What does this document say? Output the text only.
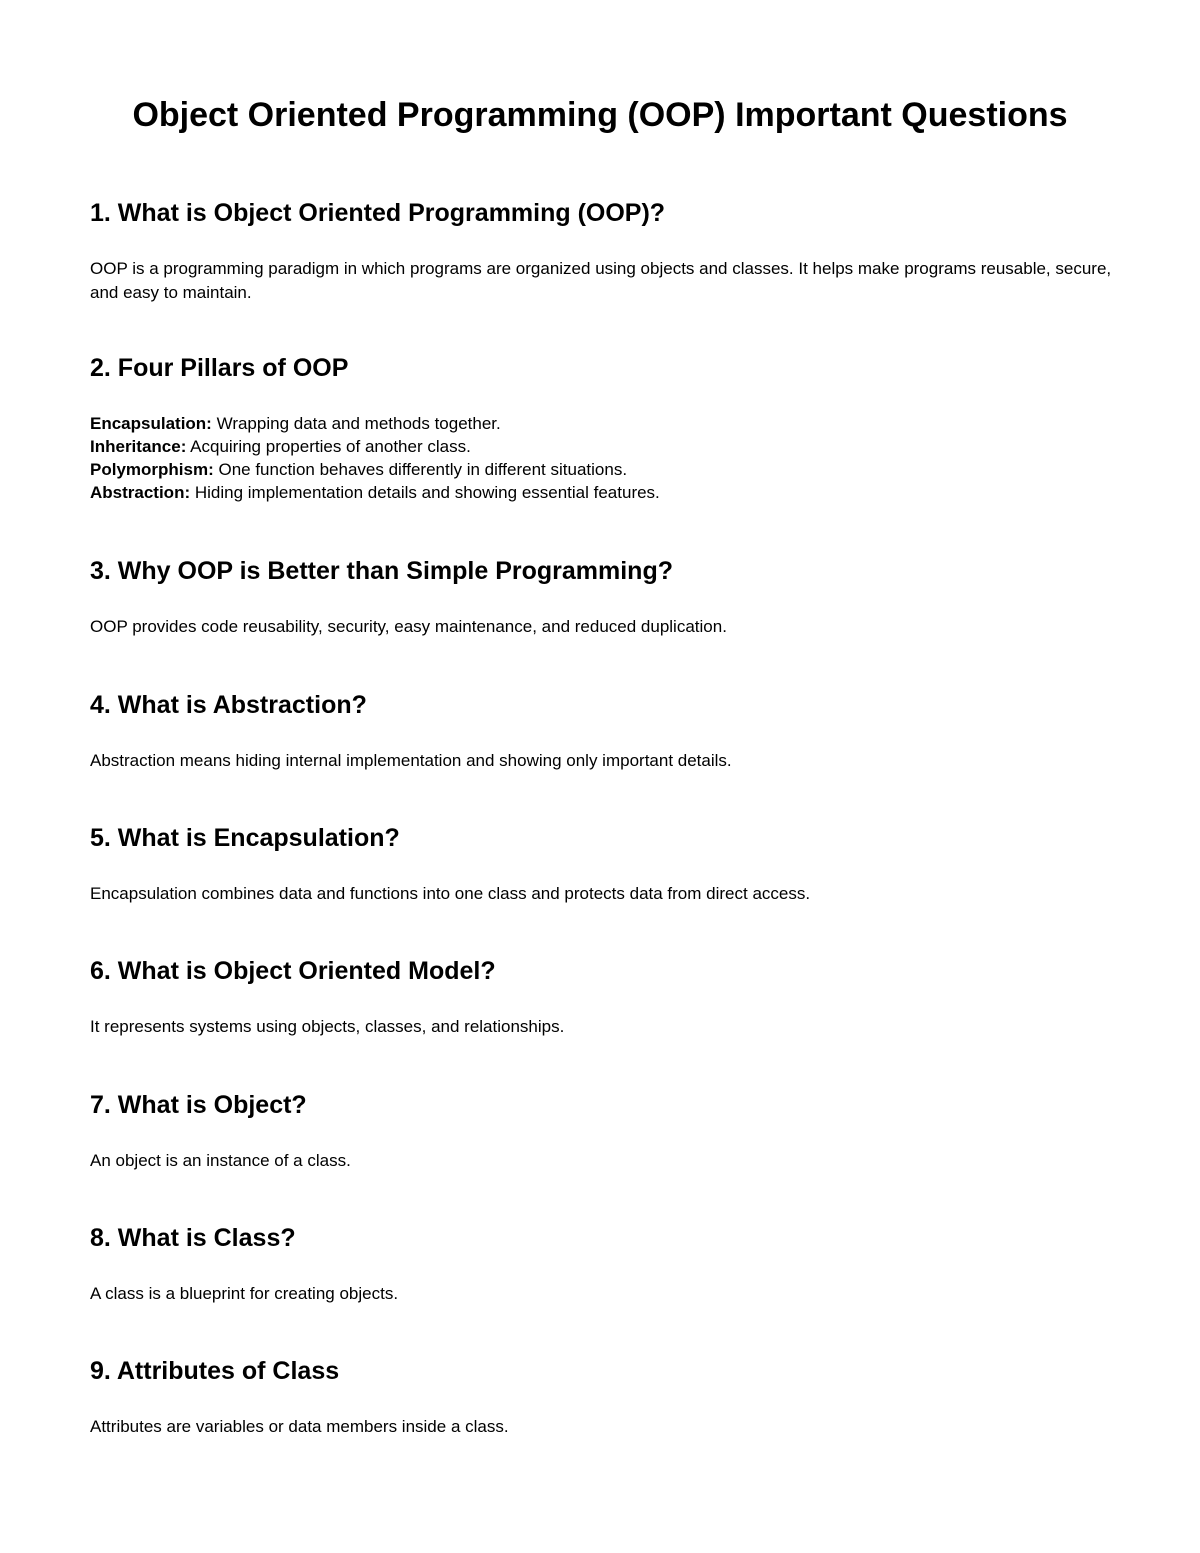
Object Oriented Programming (OOP) Important Questions
1. What is Object Oriented Programming (OOP)?

OOP is a programming paradigm in which programs are organized using objects and classes. It helps make programs reusable, secure, and easy to maintain.

2. Four Pillars of OOP
Encapsulation: Wrapping data and methods together.
Inheritance: Acquiring properties of another class.
Polymorphism: One function behaves differently in different situations.
Abstraction: Hiding implementation details and showing essential features.
3. Why OOP is Better than Simple Programming?

OOP provides code reusability, security, easy maintenance, and reduced duplication.

4. What is Abstraction?

Abstraction means hiding internal implementation and showing only important details.

5. What is Encapsulation?

Encapsulation combines data and functions into one class and protects data from direct access.

6. What is Object Oriented Model?

It represents systems using objects, classes, and relationships.

7. What is Object?

An object is an instance of a class.

8. What is Class?

A class is a blueprint for creating objects.

9. Attributes of Class

Attributes are variables or data members inside a class.
